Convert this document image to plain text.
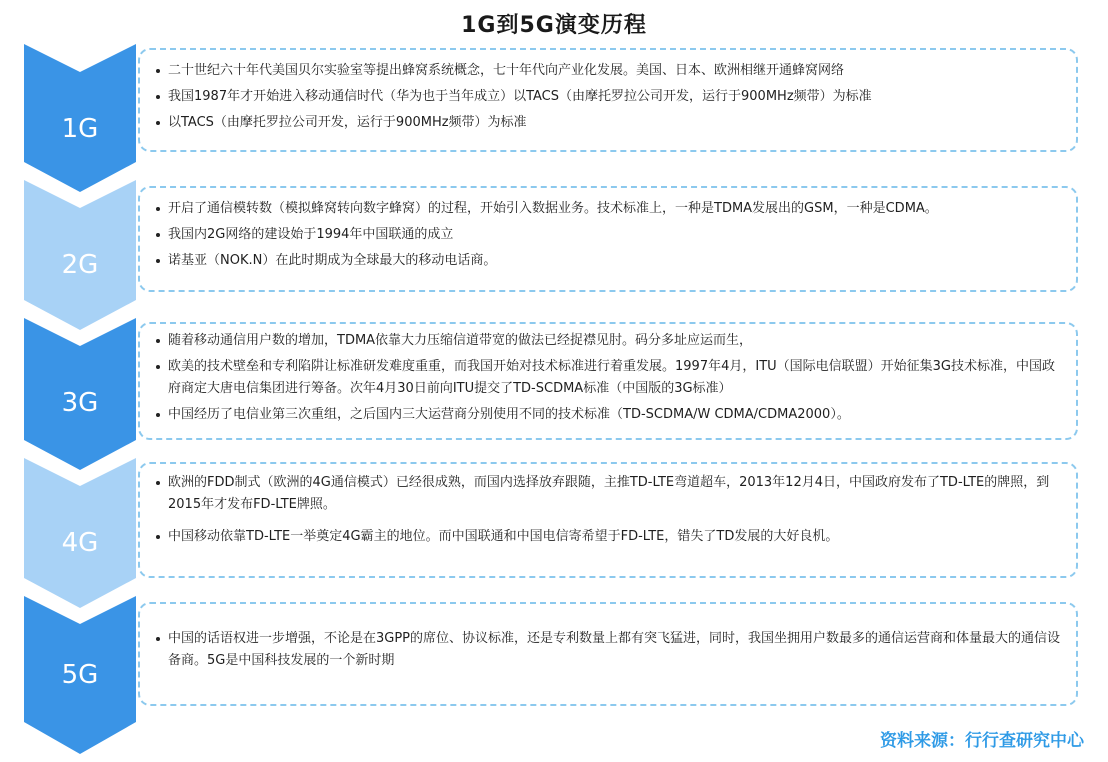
1G到5G演变历程
1G
二十世纪六十年代美国贝尔实验室等提出蜂窝系统概念，七十年代向产业化发展。美国、日本、欧洲相继开通蜂窝网络
我国1987年才开始进入移动通信时代（华为也于当年成立）以TACS（由摩托罗拉公司开发，运行于900MHz频带）为标准
以TACS（由摩托罗拉公司开发，运行于900MHz频带）为标准
2G
开启了通信模转数（模拟蜂窝转向数字蜂窝）的过程，开始引入数据业务。技术标准上，一种是TDMA发展出的GSM，一种是CDMA。
我国内2G网络的建设始于1994年中国联通的成立
诺基亚（NOK.N）在此时期成为全球最大的移动电话商。
3G
随着移动通信用户数的增加，TDMA依靠大力压缩信道带宽的做法已经捉襟见肘。码分多址应运而生，
欧美的技术壁垒和专利陷阱让标准研发难度重重，而我国开始对技术标准进行着重发展。1997年4月，ITU（国际电信联盟）开始征集3G技术标准，中国政府商定大唐电信集团进行筹备。次年4月30日前向ITU提交了TD-SCDMA标准（中国版的3G标准）
中国经历了电信业第三次重组，之后国内三大运营商分别使用不同的技术标准（TD-SCDMA/W CDMA/CDMA2000）。
4G
欧洲的FDD制式（欧洲的4G通信模式）已经很成熟，而国内选择放弃跟随，主推TD-LTE弯道超车，2013年12月4日，中国政府发布了TD-LTE的牌照，到2015年才发布FD-LTE牌照。
中国移动依靠TD-LTE一举奠定4G霸主的地位。而中国联通和中国电信寄希望于FD-LTE，错失了TD发展的大好良机。
5G
中国的话语权进一步增强，不论是在3GPP的席位、协议标准，还是专利数量上都有突飞猛进，同时，我国坐拥用户数最多的通信运营商和体量最大的通信设备商。5G是中国科技发展的一个新时期
资料来源：行行查研究中心
